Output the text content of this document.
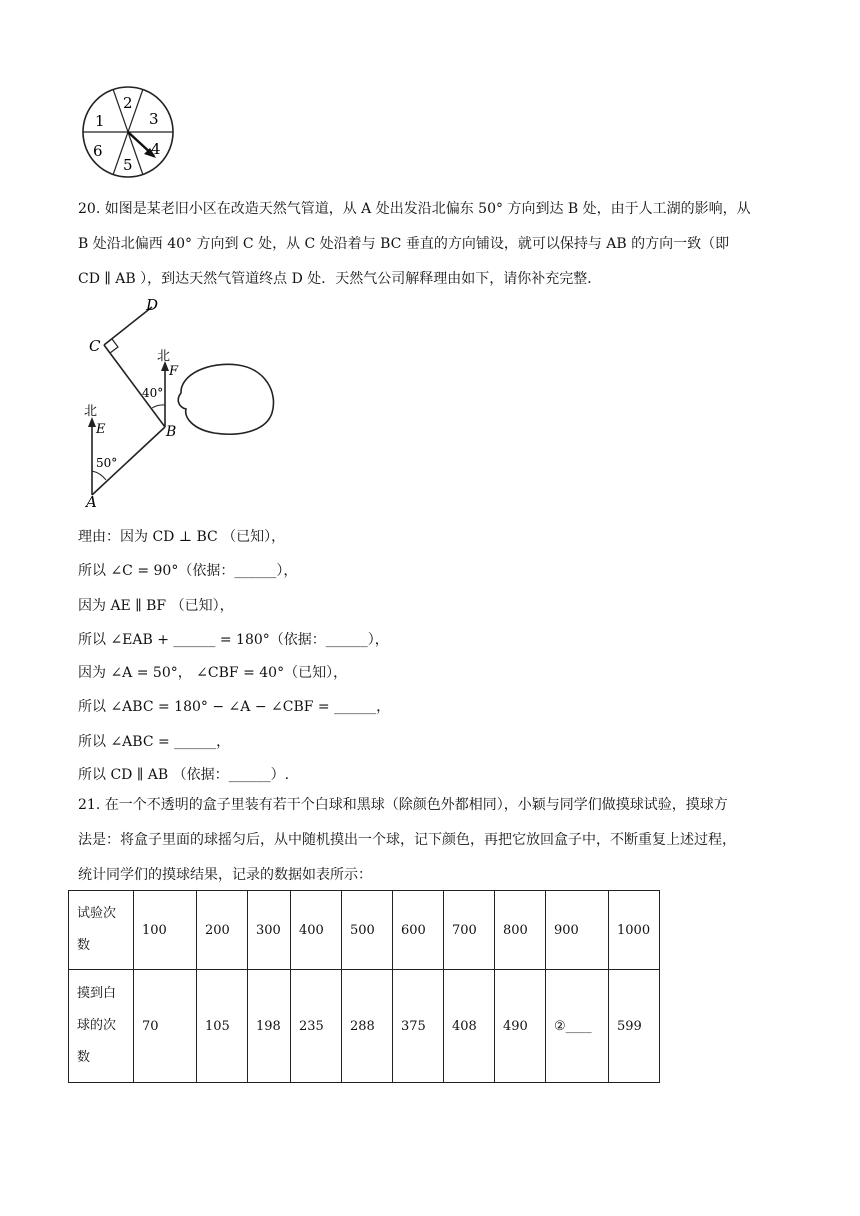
2
3
4
5
6
1
20. 如图是某老旧小区在改造天然气管道，从 A 处出发沿北偏东 50° 方向到达 B 处，由于人工湖的影响，从
B 处沿北偏西 40° 方向到 C 处，从 C 处沿着与 BC 垂直的方向铺设，就可以保持与 AB 的方向一致（即
CD ∥ AB ），到达天然气管道终点 D 处．天然气公司解释理由如下，请你补充完整．
D
C
北
F
40°
B
北
E
50°
A
理由：因为 CD ⊥ BC （已知），
所以 ∠C = 90°（依据：______），
因为 AE ∥ BF （已知），
所以 ∠EAB + ______ = 180°（依据：______），
因为 ∠A = 50°， ∠CBF = 40°（已知），
所以 ∠ABC = 180° − ∠A − ∠CBF = ______，
所以 ∠ABC = ______，
所以 CD ∥ AB （依据：______）.
21. 在一个不透明的盒子里装有若干个白球和黑球（除颜色外都相同），小颖与同学们做摸球试验，摸球方
法是：将盒子里面的球摇匀后，从中随机摸出一个球，记下颜色，再把它放回盒子中，不断重复上述过程，
统计同学们的摸球结果，记录的数据如表所示：
试验次数	100	200	300	400	500	600	700	800	900	1000
摸到白球的次数	70	105	198	235	288	375	408	490	②____	599
